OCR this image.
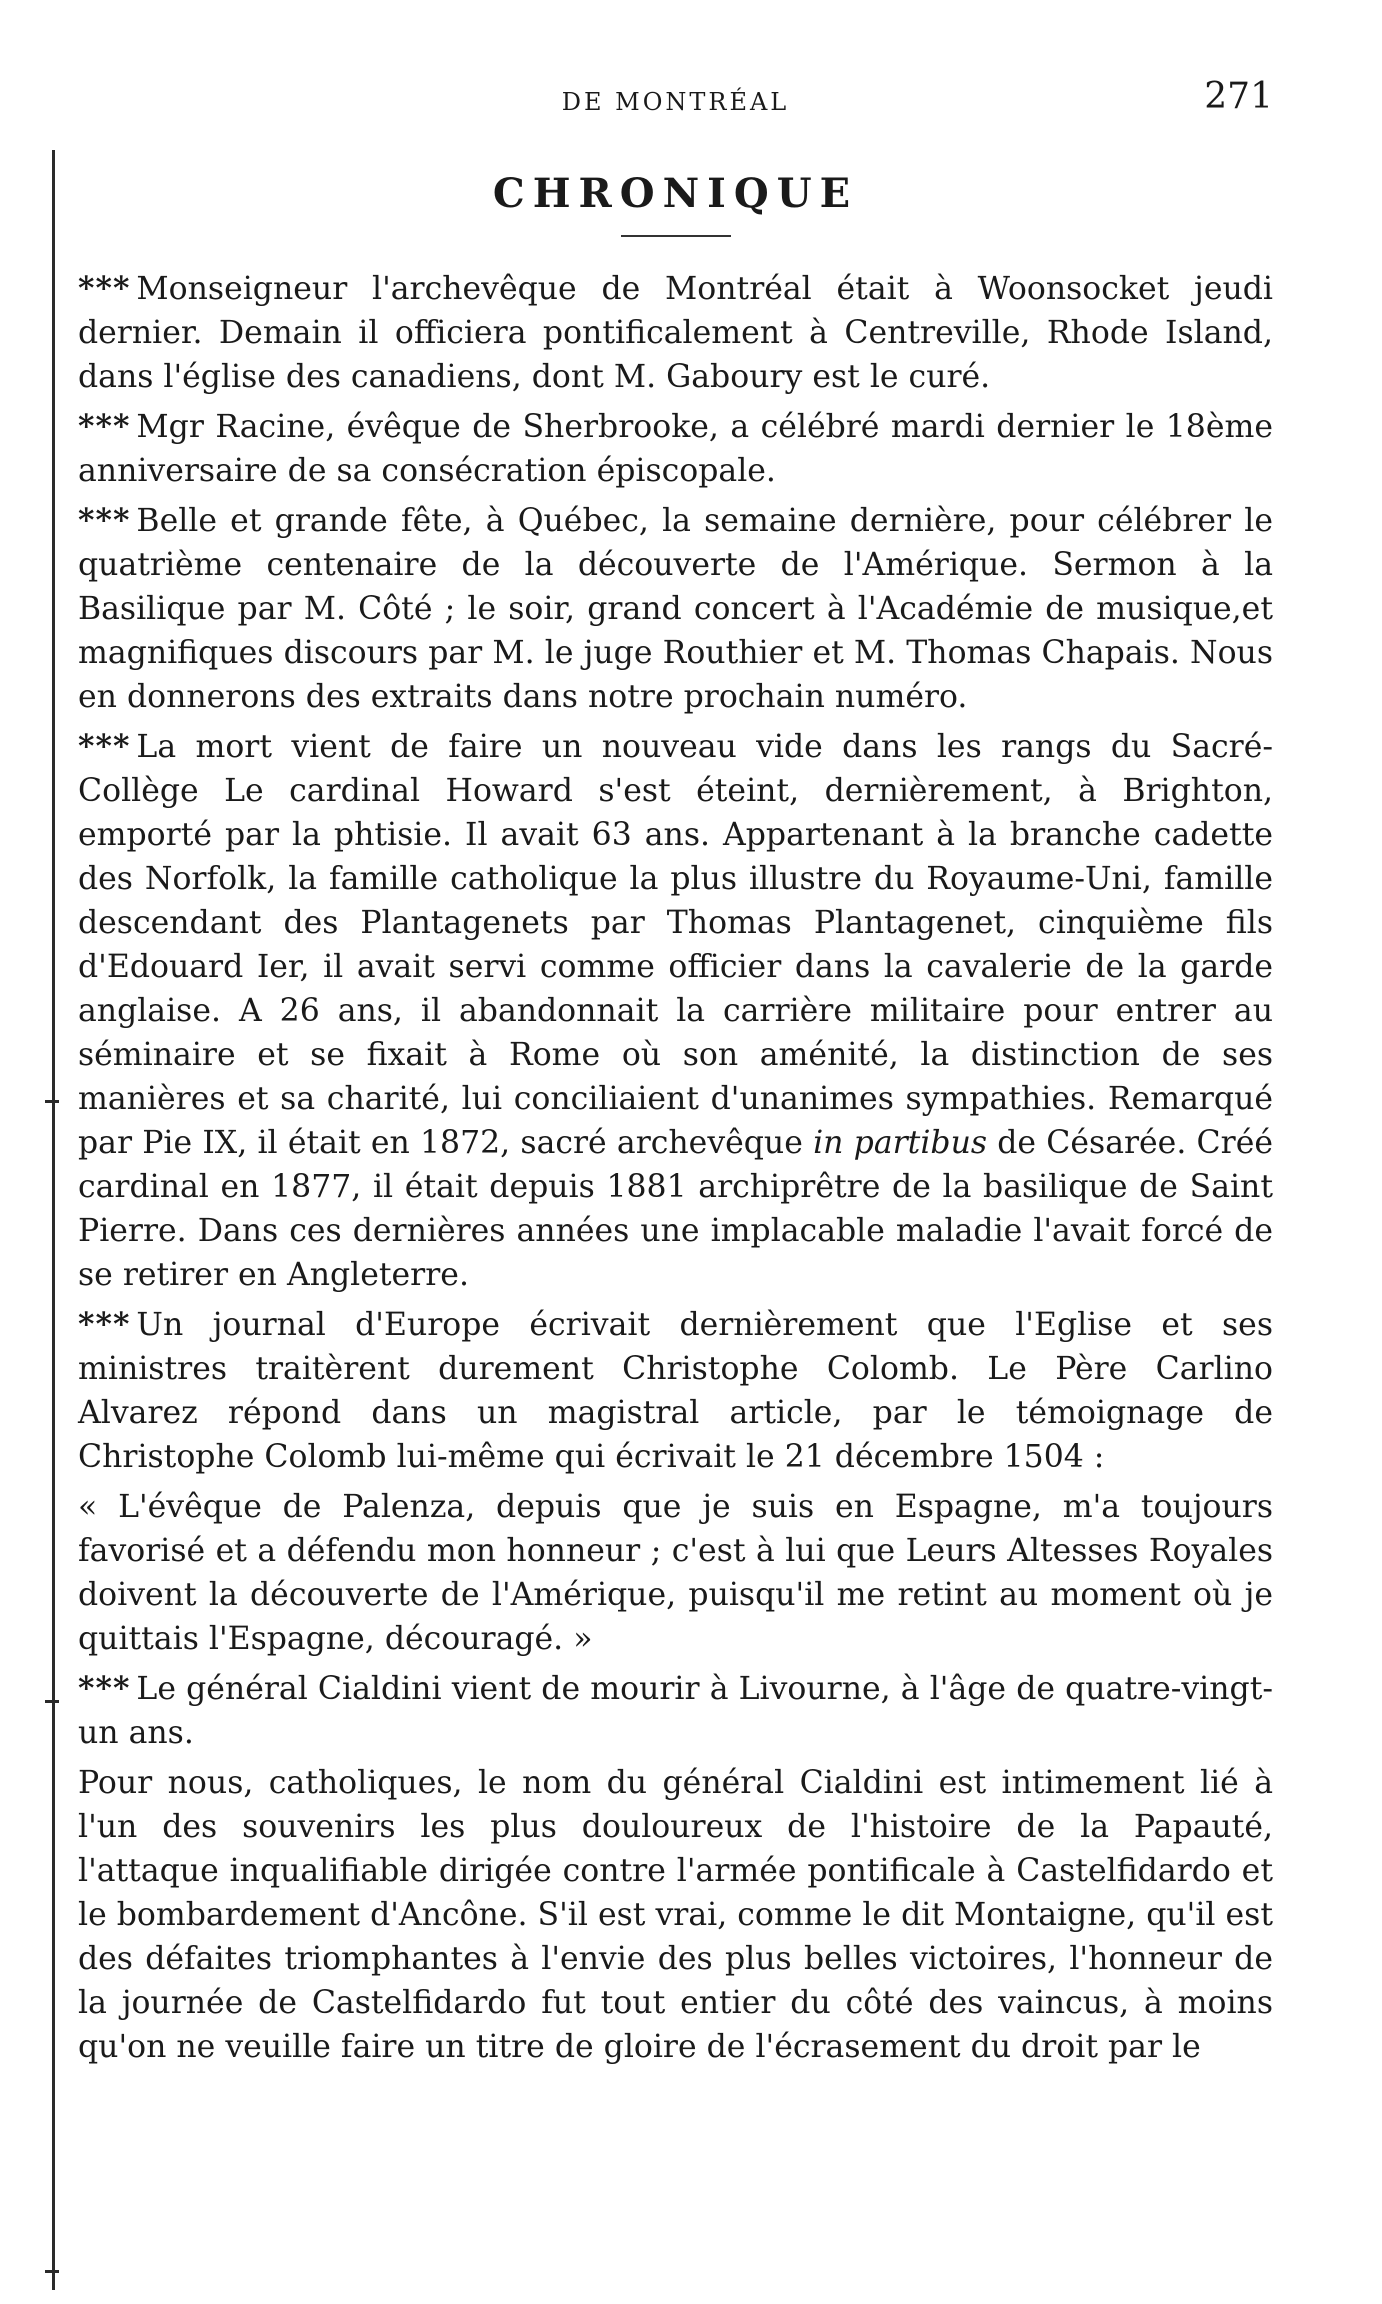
DE MONTRÉAL	271
CHRONIQUE

*** Monseigneur l'archevêque de Montréal était à Woonsocket jeudi dernier. Demain il officiera pontificalement à Centreville, Rhode Island, dans l'église des canadiens, dont M. Gaboury est le curé.

*** Mgr Racine, évêque de Sherbrooke, a célébré mardi dernier le 18ème anniversaire de sa consécration épiscopale.

*** Belle et grande fête, à Québec, la semaine dernière, pour célébrer le quatrième centenaire de la découverte de l'Amérique. Sermon à la Basilique par M. Côté ; le soir, grand concert à l'Académie de musique,et magnifiques discours par M. le juge Routhier et M. Thomas Chapais. Nous en donnerons des extraits dans notre prochain numéro.

*** La mort vient de faire un nouveau vide dans les rangs du Sacré-Collège Le cardinal Howard s'est éteint, dernièrement, à Brighton, emporté par la phtisie. Il avait 63 ans. Appartenant à la branche cadette des Norfolk, la famille catholique la plus illustre du Royaume-Uni, famille descendant des Plantagenets par Thomas Plantagenet, cinquième fils d'Edouard Ier, il avait servi comme officier dans la cavalerie de la garde anglaise. A 26 ans, il abandonnait la carrière militaire pour entrer au séminaire et se fixait à Rome où son aménité, la distinction de ses manières et sa charité, lui conciliaient d'unanimes sympathies. Remarqué par Pie IX, il était en 1872, sacré archevêque in partibus de Césarée. Créé cardinal en 1877, il était depuis 1881 archiprêtre de la basilique de Saint Pierre. Dans ces dernières années une implacable maladie l'avait forcé de se retirer en Angleterre.

*** Un journal d'Europe écrivait dernièrement que l'Eglise et ses ministres traitèrent durement Christophe Colomb. Le Père Carlino Alvarez répond dans un magistral article, par le témoignage de Christophe Colomb lui-même qui écrivait le 21 décembre 1504 :

« L'évêque de Palenza, depuis que je suis en Espagne, m'a toujours favorisé et a défendu mon honneur ; c'est à lui que Leurs Altesses Royales doivent la découverte de l'Amérique, puisqu'il me retint au moment où je quittais l'Espagne, découragé. »

*** Le général Cialdini vient de mourir à Livourne, à l'âge de quatre-vingt-un ans.

Pour nous, catholiques, le nom du général Cialdini est intimement lié à l'un des souvenirs les plus douloureux de l'histoire de la Papauté, l'attaque inqualifiable dirigée contre l'armée pontificale à Castelfidardo et le bombardement d'Ancône. S'il est vrai, comme le dit Montaigne, qu'il est des défaites triomphantes à l'envie des plus belles victoires, l'honneur de la journée de Castelfidardo fut tout entier du côté des vaincus, à moins qu'on ne veuille faire un titre de gloire de l'écrasement du droit par le
